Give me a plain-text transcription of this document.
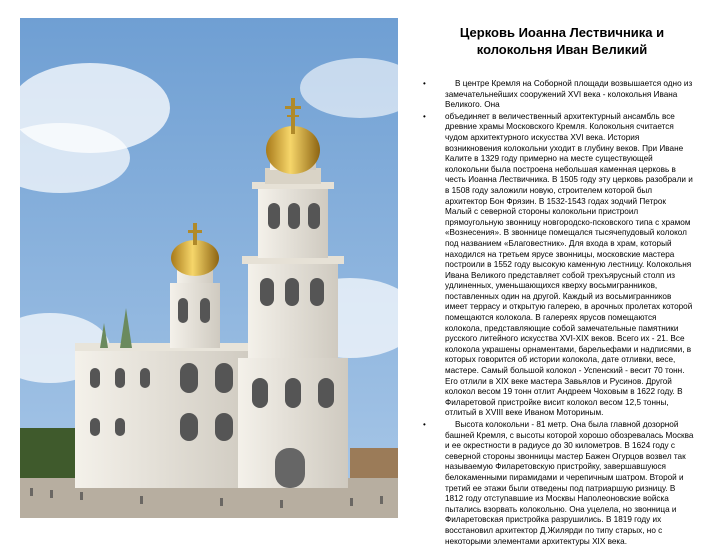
Церковь Иоанна Лествичника и
колокольня Иван Великий
•	В центре Кремля на Соборной площади возвышается одно из замечательнейших сооружений XVI века - колокольня Ивана Великого. Она
• объединяет в величественный архитектурный ансамбль все древние храмы Московского Кремля. Колокольня считается чудом архитектурного искусства XVI века. История возникновения колокольни уходит в глубину веков. При Иване Калите в 1329 году примерно на месте существующей колокольни была построена небольшая каменная церковь в честь Иоанна Лествичника. В 1505 году эту церковь разобрали и в 1508 году заложили новую, строителем которой был архитектор Бон Фрязин. В 1532-1543 годах зодчий Петрок Малый с северной стороны колокольни пристроил прямоугольную звонницу новгородско-псковского типа с храмом «Вознесения». В звоннице помещался тысячепудовый колокол под названием «Благовестник». Для входа в храм, который находился на третьем ярусе звонницы, московские мастера построили в 1552 году высокую каменную лестницу. Колокольня Ивана Великого представляет собой трехъярусный столп из удлиненных, уменьшающихся кверху восьмигранников, поставленных один на другой. Каждый из восьмигранников имеет террасу и открытую галерею, в арочных пролетах которой помещаются колокола. В галереях ярусов помещаются колокола, представляющие собой замечательные памятники русского литейного искусства XVI-XIX веков. Всего их - 21. Все колокола украшены орнаментами, барельефами и надписями, в которых говорится об истории колокола, дате отливки, весе, мастере. Самый большой колокол - Успенский - весит 70 тонн. Его отлили в XIX веке мастера Завьялов и Русинов. Другой колокол весом 19 тонн отлит Андреем Чоховым в 1622 году. В Филаретовой пристройке висит колокол весом 12,5 тонны, отлитый в XVIII веке Иваном Моториным.
•	Высота колокольни - 81 метр. Она была главной дозорной башней Кремля, с высоты которой хорошо обозревалась Москва и ее окрестности в радиусе до 30 километров. В 1624 году с северной стороны звонницы мастер Бажен Огурцов возвел так называемую Филаретовскую пристройку, завершавшуюся белокаменными пирамидами и черепичным шатром. Второй и третий ее этажи были отведены под патриаршую ризницу. В 1812 году отступавшие из Москвы Наполеоновские войска пытались взорвать колокольню. Она уцелела, но звонница и Филаретовская пристройка разрушились. В 1819 году их восстановил архитектор Д.Жилярди по типу старых, но с некоторыми элементами архитектуры XIX века.
